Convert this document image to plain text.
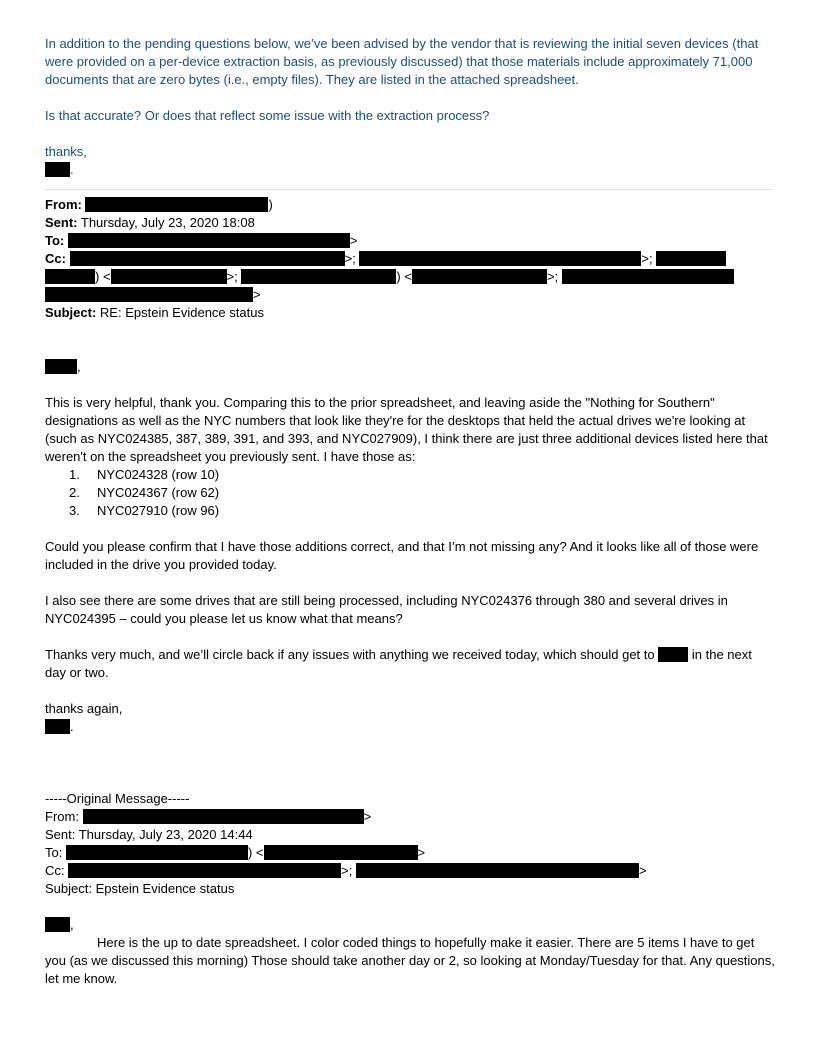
In addition to the pending questions below, we’ve been advised by the vendor that is reviewing the initial seven devices (that were provided on a per-device extraction basis, as previously discussed) that those materials include approximately 71,000 documents that are zero bytes (i.e., empty files). They are listed in the attached spreadsheet.

Is that accurate? Or does that reflect some issue with the extraction process?

thanks,

.

From:	)

Sent: Thursday, July 23, 2020 18:08

To:	>

Cc:	>;	>;

) <	>;	) <	>;

>

Subject: RE: Epstein Evidence status

,

This is very helpful, thank you. Comparing this to the prior spreadsheet, and leaving aside the "Nothing for Southern" designations as well as the NYC numbers that look like they're for the desktops that held the actual drives we're looking at (such as NYC024385, 387, 389, 391, and 393, and NYC027909), I think there are just three additional devices listed here that weren't on the spreadsheet you previously sent. I have those as:

1. NYC024328 (row 10)
2. NYC024367 (row 62)
3. NYC027910 (row 96)

Could you please confirm that I have those additions correct, and that I’m not missing any? And it looks like all of those were included in the drive you provided today.

I also see there are some drives that are still being processed, including NYC024376 through 380 and several drives in NYC024395 – could you please let us know what that means?

Thanks very much, and we’ll circle back if any issues with anything we received today, which should get to	in the next day or two.

thanks again,

.

-----Original Message-----

From:	>

Sent: Thursday, July 23, 2020 14:44

To:	) <	>

Cc:	>;	>

Subject: Epstein Evidence status

,

Here is the up to date spreadsheet. I color coded things to hopefully make it easier. There are 5 items I have to get you (as we discussed this morning) Those should take another day or 2, so looking at Monday/Tuesday for that. Any questions, let me know.
